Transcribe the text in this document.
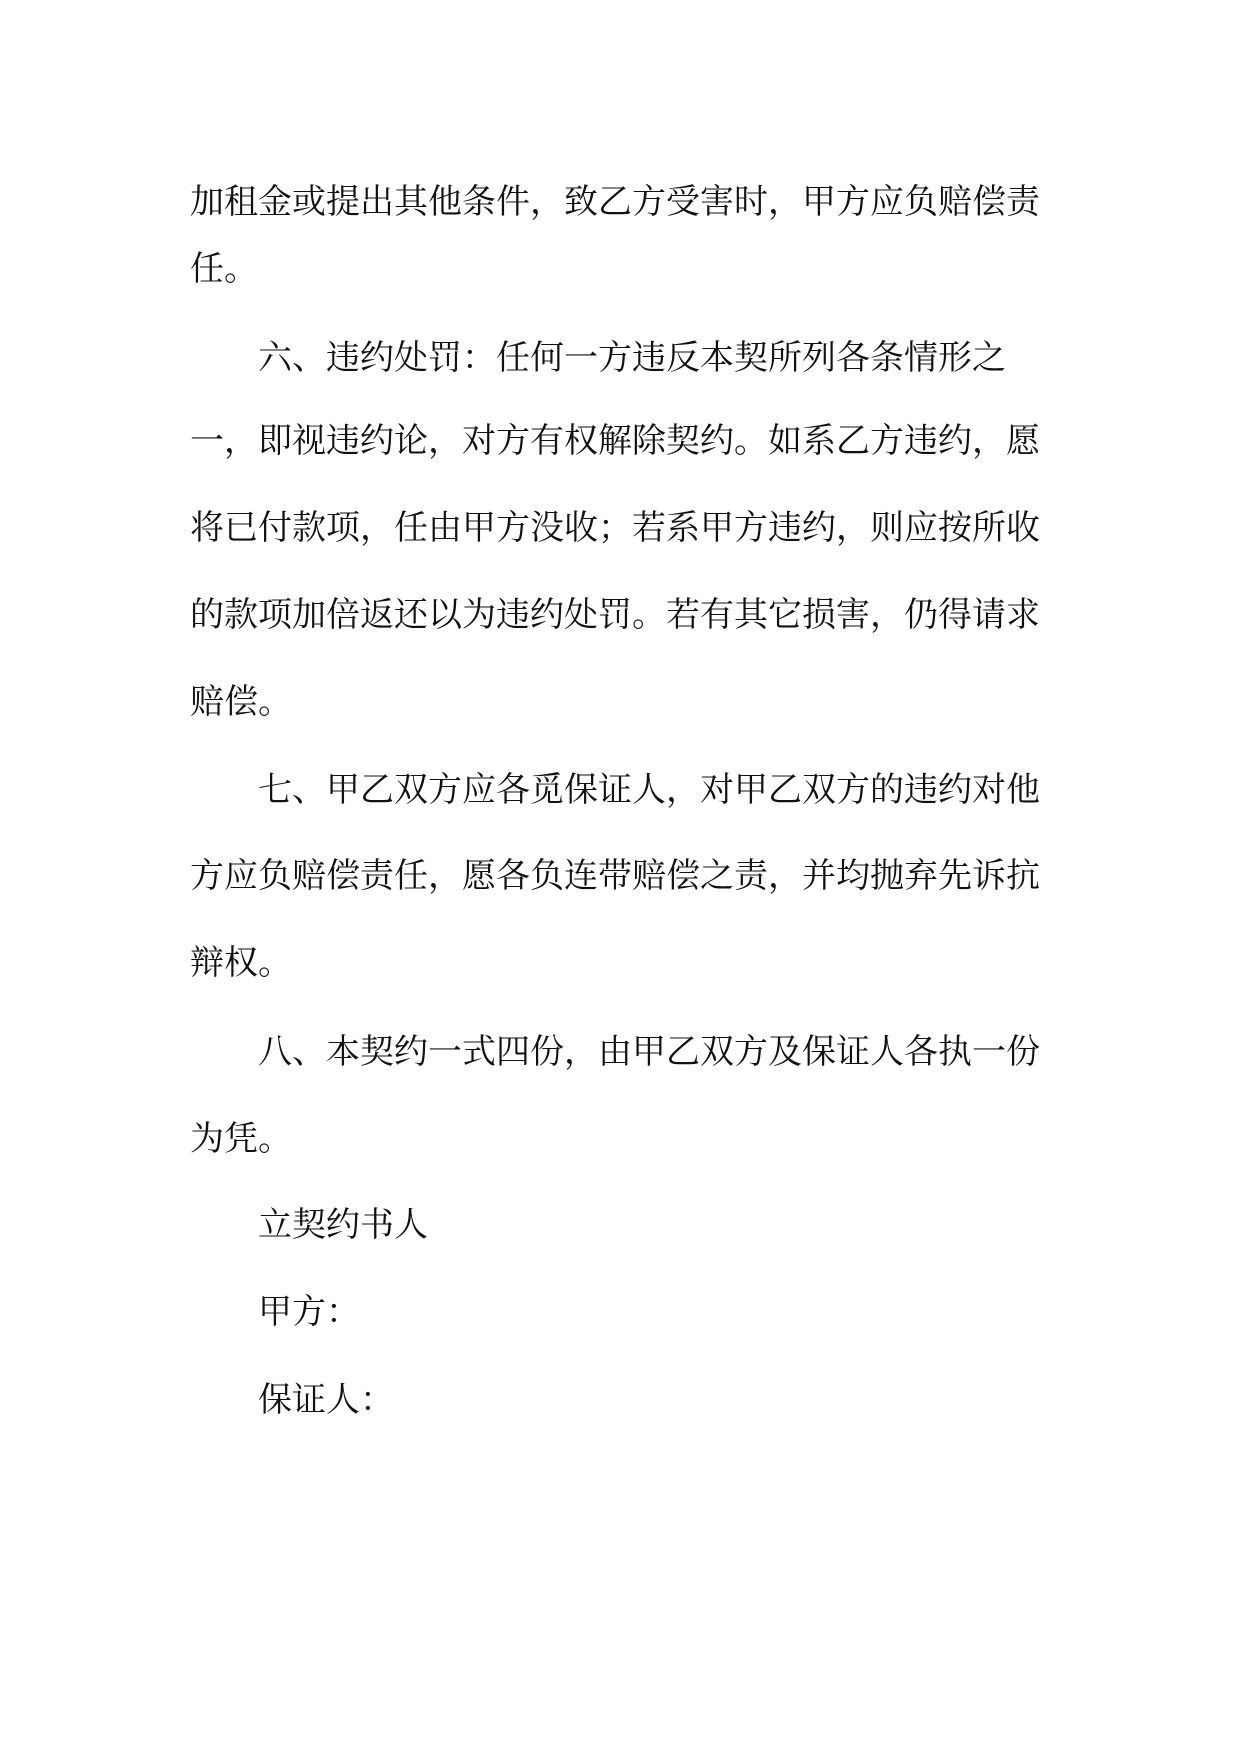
加租金或提出其他条件，致乙方受害时，甲方应负赔偿责
任。
六、违约处罚：任何一方违反本契所列各条情形之
一，即视违约论，对方有权解除契约。如系乙方违约，愿
将已付款项，任由甲方没收；若系甲方违约，则应按所收
的款项加倍返还以为违约处罚。若有其它损害，仍得请求
赔偿。
七、甲乙双方应各觅保证人，对甲乙双方的违约对他
方应负赔偿责任，愿各负连带赔偿之责，并均抛弃先诉抗
辩权。
八、本契约一式四份，由甲乙双方及保证人各执一份
为凭。
立契约书人
甲方：
保证人：
